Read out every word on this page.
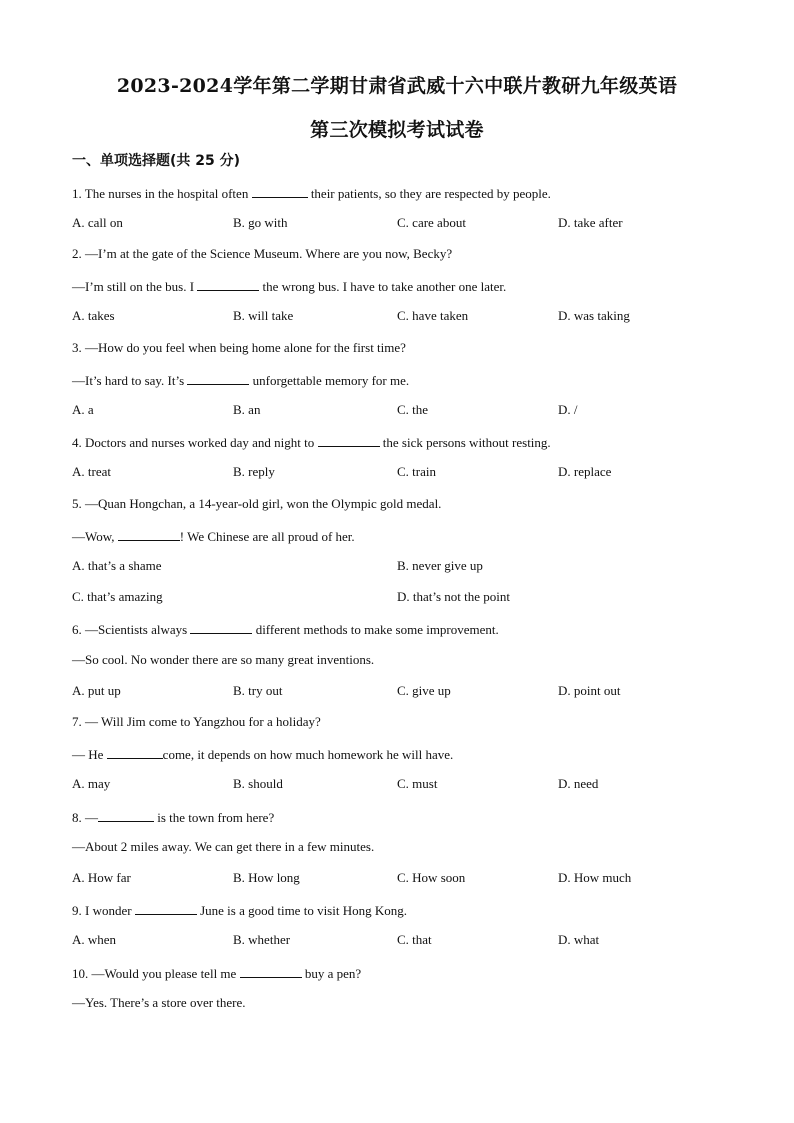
2023-2024学年第二学期甘肃省武威十六中联片教研九年级英语
第三次模拟考试试卷
一、单项选择题(共 25 分)
1. The nurses in the hospital often	their patients, so they are respected by people.
A. call on	B. go with	C. care about	D. take after
2. —I’m at the gate of the Science Museum. Where are you now, Becky?
—I’m still on the bus. I	the wrong bus. I have to take another one later.
A. takes	B. will take	C. have taken	D. was taking
3. —How do you feel when being home alone for the first time?
—It’s hard to say. It’s	unforgettable memory for me.
A. a	B. an	C. the	D. /
4. Doctors and nurses worked day and night to	the sick persons without resting.
A. treat	B. reply	C. train	D. replace
5. —Quan Hongchan, a 14-year-old girl, won the Olympic gold medal.
—Wow,	! We Chinese are all proud of her.
A. that’s a shame	B. never give up
C. that’s amazing	D. that’s not the point
6. —Scientists always	different methods to make some improvement.
—So cool. No wonder there are so many great inventions.
A. put up	B. try out	C. give up	D. point out
7. — Will Jim come to Yangzhou for a holiday?
— He	come, it depends on how much homework he will have.
A. may	B. should	C. must	D. need
8. —	is the town from here?
—About 2 miles away. We can get there in a few minutes.
A. How far	B. How long	C. How soon	D. How much
9. I wonder	June is a good time to visit Hong Kong.
A. when	B. whether	C. that	D. what
10. —Would you please tell me	buy a pen?
—Yes. There’s a store over there.
